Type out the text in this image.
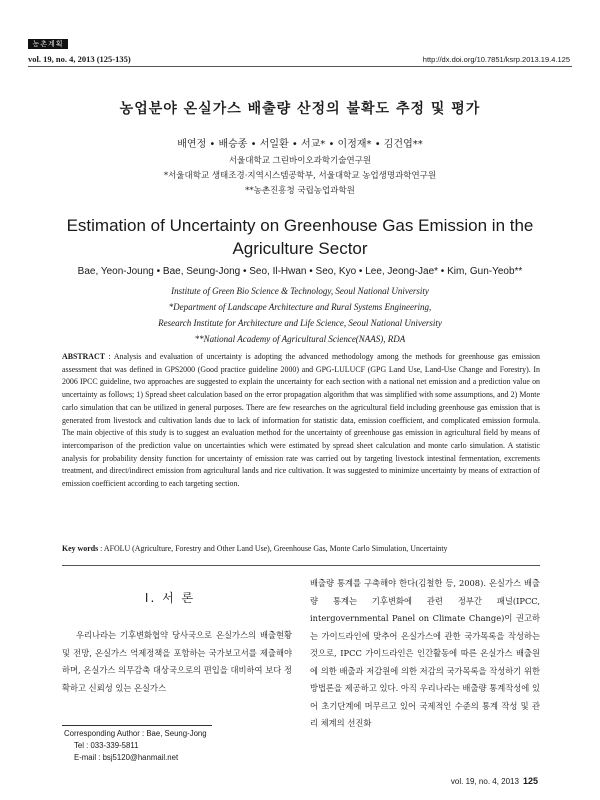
농촌계획
vol. 19, no. 4, 2013 (125-135)	http://dx.doi.org/10.7851/ksrp.2013.19.4.125
농업분야 온실가스 배출량 산정의 불확도 추정 및 평가
배연정 • 배승종 • 서일환 • 서교* • 이정재* • 김건엽**
서울대학교 그린바이오과학기술연구원
*서울대학교 생태조경·지역시스템공학부, 서울대학교 농업생명과학연구원
**농촌진흥청 국립농업과학원
Estimation of Uncertainty on Greenhouse Gas Emission in the
Agriculture Sector
Bae, Yeon-Joung • Bae, Seung-Jong • Seo, Il-Hwan • Seo, Kyo • Lee, Jeong-Jae* • Kim, Gun-Yeob**
Institute of Green Bio Science & Technology, Seoul National University
*Department of Landscape Architecture and Rural Systems Engineering,
Research Institute for Architecture and Life Science, Seoul National University
**National Academy of Agricultural Science(NAAS), RDA
ABSTRACT : Analysis and evaluation of uncertainty is adopting the advanced methodology among the methods for greenhouse gas emission assessment that was defined in GPS2000 (Good practice guideline 2000) and GPG-LULUCF (GPG Land Use, Land-Use Change and Forestry). In 2006 IPCC guideline, two approaches are suggested to explain the uncertainty for each section with a national net emission and a prediction value on uncertainty as follows; 1) Spread sheet calculation based on the error propagation algorithm that was simplified with some assumptions, and 2) Monte carlo simulation that can be utilized in general purposes. There are few researches on the agricultural field including greenhouse gas emission that is generated from livestock and cultivation lands due to lack of information for statistic data, emission coefficient, and complicated emission formula. The main objective of this study is to suggest an evaluation method for the uncertainty of greenhouse gas emission in agricultural field by means of intercomparison of the prediction value on uncertainties which were estimated by spread sheet calculation and monte carlo simulation. A statistic analysis for probability density function for uncertainty of emission rate was carried out by targeting livestock intestinal fermentation, excrements treatment, and direct/indirect emission from agricultural lands and rice cultivation. It was suggested to minimize uncertainty by means of extraction of emission coefficient according to each targeting section.
Key words : AFOLU (Agriculture, Forestry and Other Land Use), Greenhouse Gas, Monte Carlo Simulation, Uncertainty
I. 서 론
우리나라는 기후변화협약 당사국으로 온실가스의 배출현황 및 전망, 온실가스 억제정책을 포함하는 국가보고서를 제출해야 하며, 온실가스 의무감축 대상국으로의 편입을 대비하여 보다 정확하고 신뢰성 있는 온실가스
배출량 통계를 구축해야 한다(김철한 등, 2008). 온실가스 배출량 통계는 기후변화에 관련 정부간 패널(IPCC, intergovernmental Panel on Climate Change)이 권고하는 가이드라인에 맞추어 온실가스에 관한 국가목록을 작성하는 것으로, IPCC 가이드라인은 인간활동에 따른 온실가스 배출원에 의한 배출과 저감원에 의한 저감의 국가목록을 작성하기 위한 방법론을 제공하고 있다. 아직 우리나라는 배출량 통계작성에 있어 초기단계에 머무르고 있어 국제적인 수준의 통계 작성 및 관리 체계의 선진화
Corresponding Author : Bae, Seung-Jong
Tel : 033-339-5811
E-mail : bsj5120@hanmail.net
vol. 19, no. 4, 2013 125
